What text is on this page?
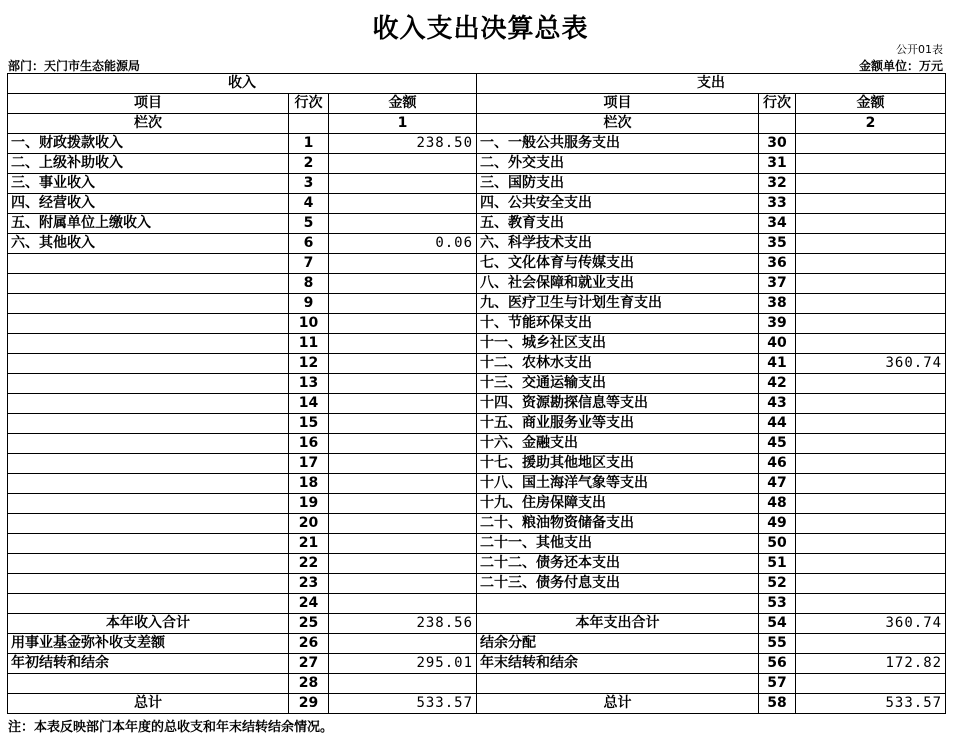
收入支出决算总表
公开01表
部门：天门市生态能源局	金额单位：万元
收入			支出		
项目	行次	金额	项目	行次	金额
栏次		1	栏次		2
一、财政拨款收入	1	238.50	一、一般公共服务支出	30	
二、上级补助收入	2		二、外交支出	31	
三、事业收入	3		三、国防支出	32	
四、经营收入	4		四、公共安全支出	33	
五、附属单位上缴收入	5		五、教育支出	34	
六、其他收入	6	0.06	六、科学技术支出	35	
	7		七、文化体育与传媒支出	36	
	8		八、社会保障和就业支出	37	
	9		九、医疗卫生与计划生育支出	38	
	10		十、节能环保支出	39	
	11		十一、城乡社区支出	40	
	12		十二、农林水支出	41	360.74
	13		十三、交通运输支出	42	
	14		十四、资源勘探信息等支出	43	
	15		十五、商业服务业等支出	44	
	16		十六、金融支出	45	
	17		十七、援助其他地区支出	46	
	18		十八、国土海洋气象等支出	47	
	19		十九、住房保障支出	48	
	20		二十、粮油物资储备支出	49	
	21		二十一、其他支出	50	
	22		二十二、债务还本支出	51	
	23		二十三、债务付息支出	52	
	24			53	
本年收入合计	25	238.56	本年支出合计	54	360.74
用事业基金弥补收支差额	26		结余分配	55	
年初结转和结余	27	295.01	年末结转和结余	56	172.82
	28			57	
总计	29	533.57	总计	58	533.57
注：本表反映部门本年度的总收支和年末结转结余情况。
